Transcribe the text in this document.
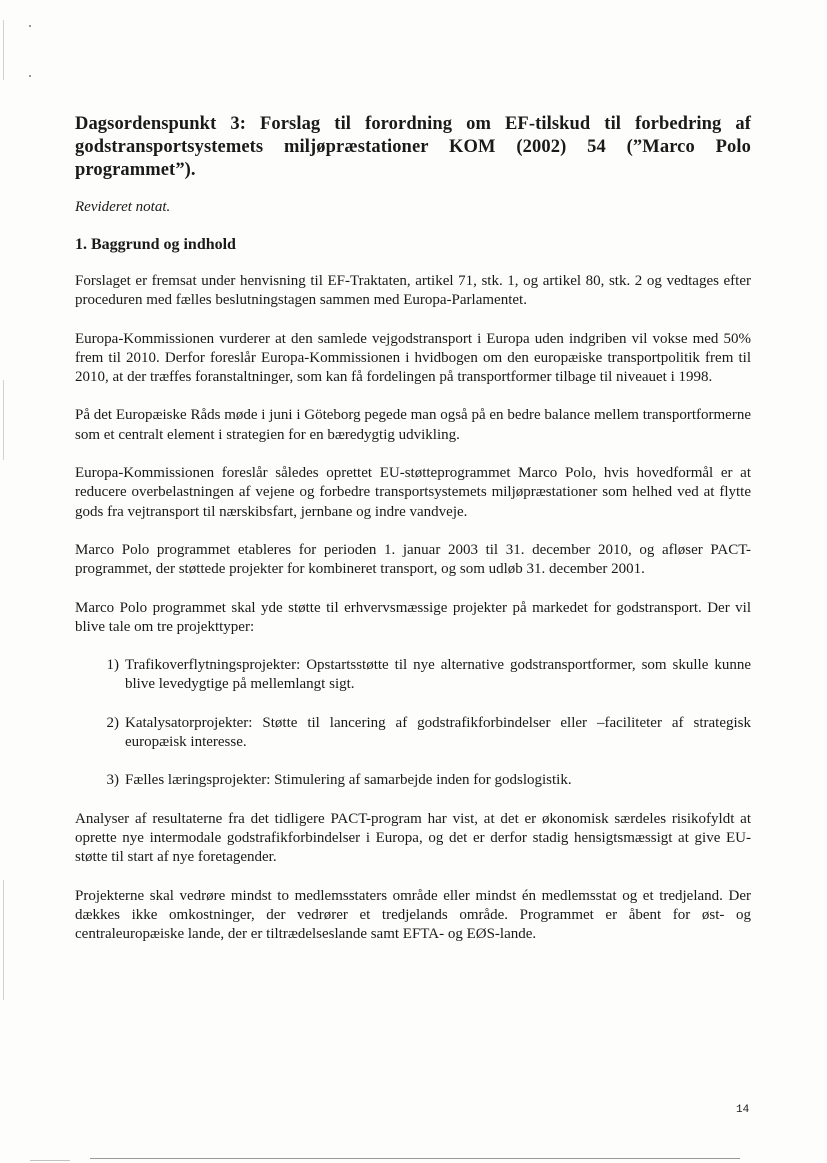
Dagsordenspunkt 3: Forslag til forordning om EF-tilskud til forbedring af godstransportsystemets miljøpræstationer KOM (2002) 54 (”Marco Polo programmet”).
Revideret notat.
1. Baggrund og indhold

Forslaget er fremsat under henvisning til EF-Traktaten, artikel 71, stk. 1, og artikel 80, stk. 2 og vedtages efter proceduren med fælles beslutningstagen sammen med Europa-Parlamentet.

Europa-Kommissionen vurderer at den samlede vejgodstransport i Europa uden indgriben vil vokse med 50% frem til 2010. Derfor foreslår Europa-Kommissionen i hvidbogen om den europæiske transportpolitik frem til 2010, at der træffes foranstaltninger, som kan få fordelingen på transportformer tilbage til niveauet i 1998.

På det Europæiske Råds møde i juni i Göteborg pegede man også på en bedre balance mellem transportformerne som et centralt element i strategien for en bæredygtig udvikling.

Europa-Kommissionen foreslår således oprettet EU-støtteprogrammet Marco Polo, hvis hovedformål er at reducere overbelastningen af vejene og forbedre transportsystemets miljøpræstationer som helhed ved at flytte gods fra vejtransport til nærskibsfart, jernbane og indre vandveje.

Marco Polo programmet etableres for perioden 1. januar 2003 til 31. december 2010, og afløser PACT-programmet, der støttede projekter for kombineret transport, og som udløb 31. december 2001.

Marco Polo programmet skal yde støtte til erhvervsmæssige projekter på markedet for godstransport. Der vil blive tale om tre projekttyper:

1) Trafikoverflytningsprojekter: Opstartsstøtte til nye alternative godstransportformer, som skulle kunne blive levedygtige på mellemlangt sigt.
2) Katalysatorprojekter: Støtte til lancering af godstrafikforbindelser eller –faciliteter af strategisk europæisk interesse.
3) Fælles læringsprojekter: Stimulering af samarbejde inden for godslogistik.

Analyser af resultaterne fra det tidligere PACT-program har vist, at det er økonomisk særdeles risikofyldt at oprette nye intermodale godstrafikforbindelser i Europa, og det er derfor stadig hensigtsmæssigt at give EU-støtte til start af nye foretagender.

Projekterne skal vedrøre mindst to medlemsstaters område eller mindst én medlemsstat og et tredjeland. Der dækkes ikke omkostninger, der vedrører et tredjelands område. Programmet er åbent for øst- og centraleuropæiske lande, der er tiltrædelseslande samt EFTA- og EØS-lande.

14
